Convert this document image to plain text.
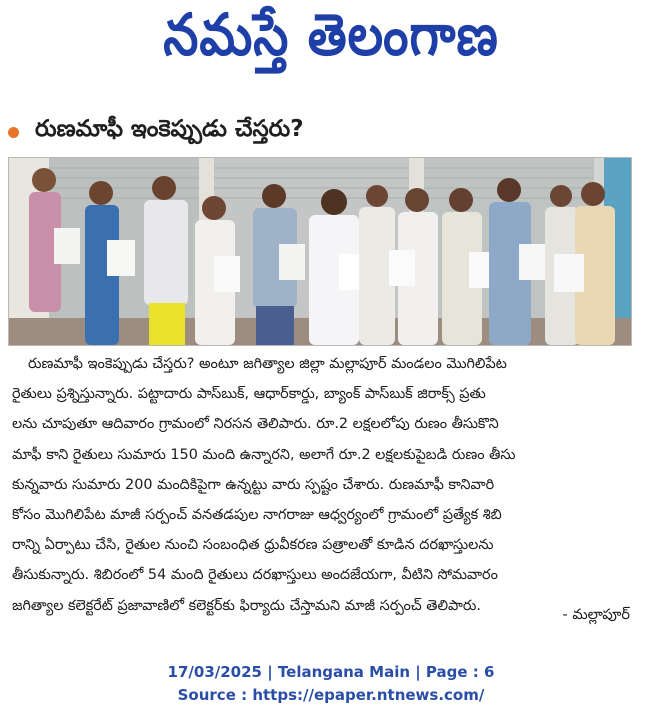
నమస్తే తెలంగాణ
రుణమాఫీ ఇంకెప్పుడు చేస్తరు?
రుణమాఫీ ఇంకెప్పుడు చేస్తరు? అంటూ జగిత్యాల జిల్లా మల్లాపూర్ మండలం మొగిలిపేట
రైతులు ప్రశ్నిస్తున్నారు. పట్టాదారు పాస్‌బుక్, ఆధార్‌కార్డు, బ్యాంక్ పాస్‌బుక్ జిరాక్స్ ప్రతు
లను చూపుతూ ఆదివారం గ్రామంలో నిరసన తెలిపారు. రూ.2 లక్షలలోపు రుణం తీసుకొని
మాఫీ కాని రైతులు సుమారు 150 మంది ఉన్నారని, అలాగే రూ.2 లక్షలకుపైబడి రుణం తీసు
కున్నవారు సుమారు 200 మందికిపైగా ఉన్నట్టు వారు స్పష్టం చేశారు. రుణమాఫీ కానివారి
కోసం మొగిలిపేట మాజీ సర్పంచ్ వనతడపుల నాగరాజు ఆధ్వర్యంలో గ్రామంలో ప్రత్యేక శిబి
రాన్ని ఏర్పాటు చేసి, రైతుల నుంచి సంబంధిత ధ్రువీకరణ పత్రాలతో కూడిన దరఖాస్తులను
తీసుకున్నారు. శిబిరంలో 54 మంది రైతులు దరఖాస్తులు అందజేయగా, వీటిని సోమవారం
జగిత్యాల కలెక్టరేట్ ప్రజావాణిలో కలెక్టర్‌కు ఫిర్యాదు చేస్తామని మాజీ సర్పంచ్ తెలిపారు.
- మల్లాపూర్
17/03/2025 | Telangana Main | Page : 6
Source : https://epaper.ntnews.com/
